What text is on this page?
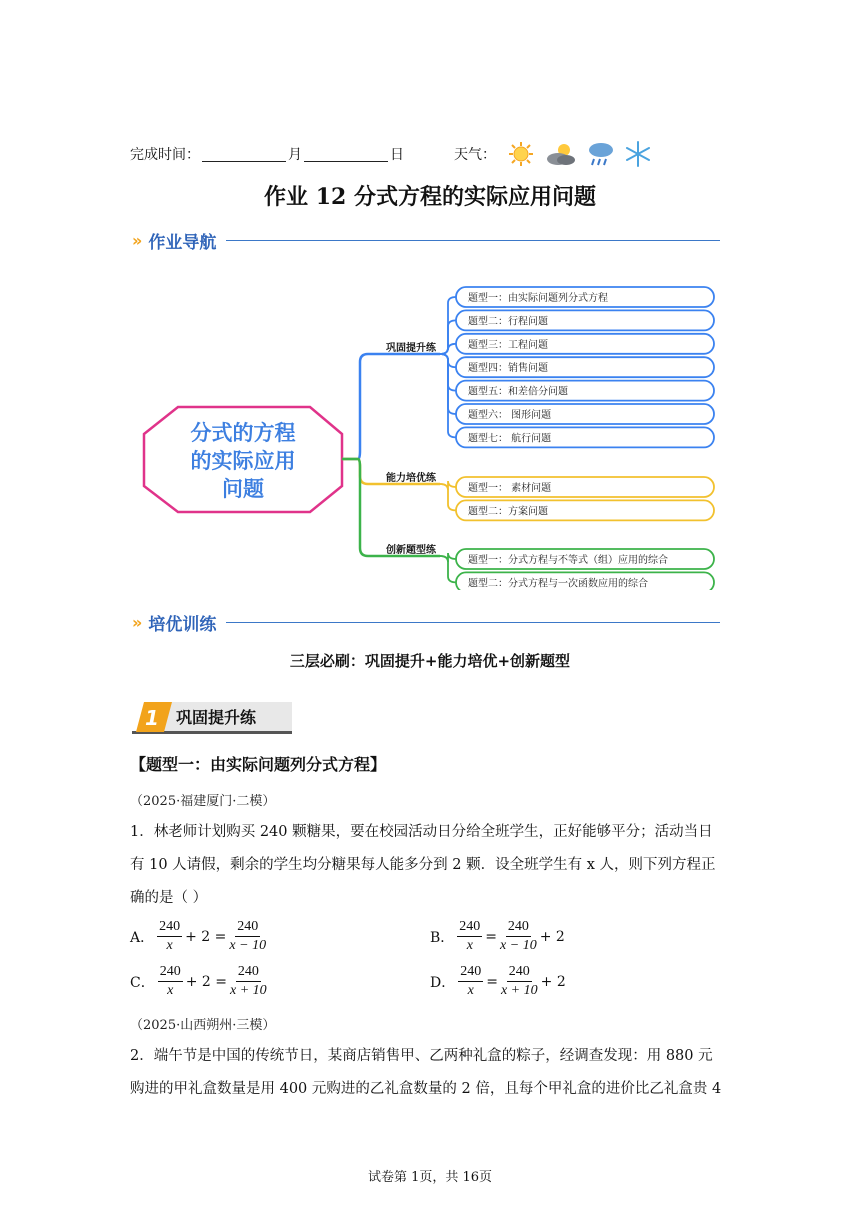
完成时间：	月	日	天气：
作业 12 分式方程的实际应用问题
» 作业导航
分式的方程的实际应用问题
巩固提升练
题型一：由实际问题列分式方程
题型二：行程问题
题型三：工程问题
题型四：销售问题
题型五：和差倍分问题
题型六： 图形问题
题型七： 航行问题
能力培优练
题型一： 素材问题
题型二：方案问题
创新题型练
题型一：分式方程与不等式（组）应用的综合
题型二：分式方程与一次函数应用的综合
» 培优训练
三层必刷：巩固提升+能力培优+创新题型
1 巩固提升练
【题型一：由实际问题列分式方程】
（2025·福建厦门·二模）
1．林老师计划购买 240 颗糖果，要在校园活动日分给全班学生，正好能够平分；活动当日
有 10 人请假，剩余的学生均分糖果每人能多分到 2 颗．设全班学生有 x 人，则下列方程正
确的是（ ）
A． $\frac{240}{x} + 2 = \frac{240}{x - 10}$	B． $\frac{240}{x} = \frac{240}{x - 10} + 2$
C． $\frac{240}{x} + 2 = \frac{240}{x + 10}$	D． $\frac{240}{x} = \frac{240}{x + 10} + 2$
（2025·山西朔州·三模）
2．端午节是中国的传统节日，某商店销售甲、乙两种礼盒的粽子，经调查发现：用 880 元
购进的甲礼盒数量是用 400 元购进的乙礼盒数量的 2 倍，且每个甲礼盒的进价比乙礼盒贵 4
试卷第 1页，共 16页
